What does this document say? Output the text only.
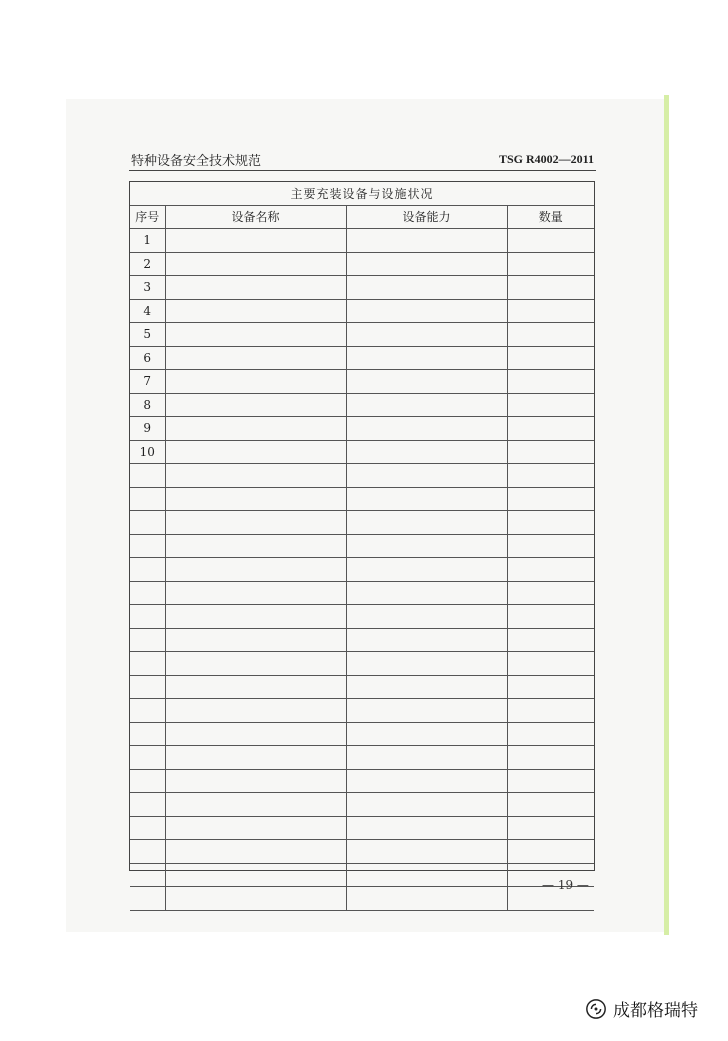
特种设备安全技术规范	TSG R4002—2011
主要充装设备与设施状况			
序号	设备名称	设备能力	数量
1			
2			
3			
4			
5			
6			
7			
8			
9			
10			

— 19 —
成都格瑞特
